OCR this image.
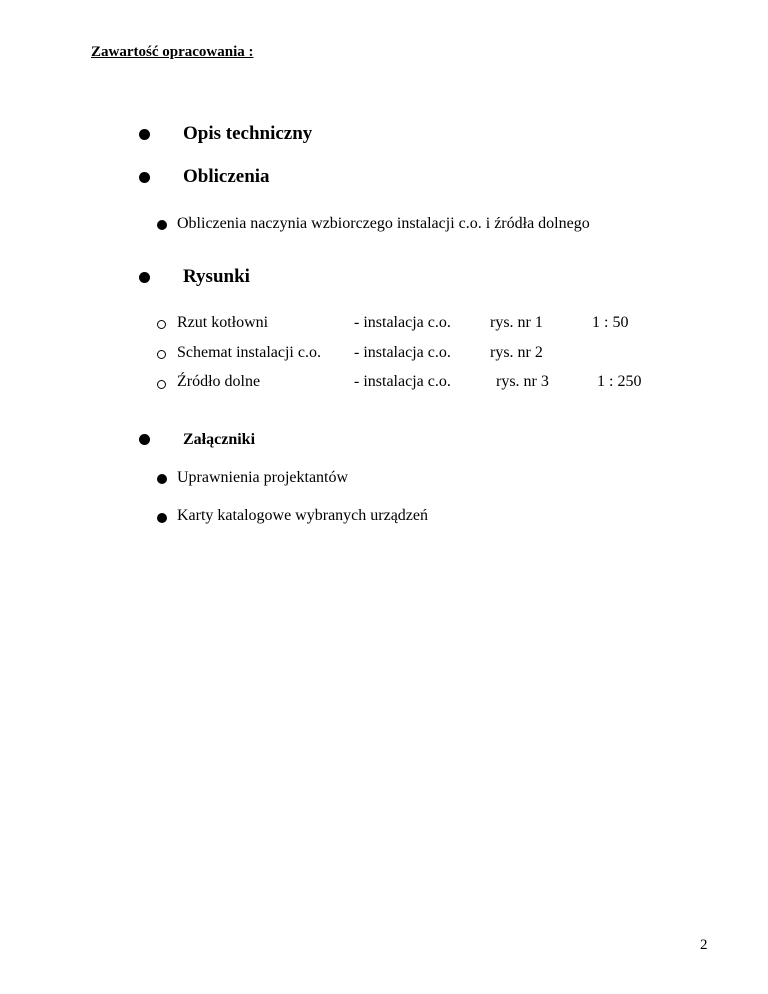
Zawartość opracowania :
Opis techniczny
Obliczenia
Obliczenia naczynia wzbiorczego instalacji c.o. i źródła dolnego
Rysunki
Rzut kotłowni	- instalacja c.o. rys. nr 1	1 : 50
Schemat instalacji c.o. - instalacja c.o. rys. nr 2
Źródło dolne	- instalacja c.o.	rys. nr 3	1 : 250
Załączniki
Uprawnienia projektantów
Karty katalogowe wybranych urządzeń
2
